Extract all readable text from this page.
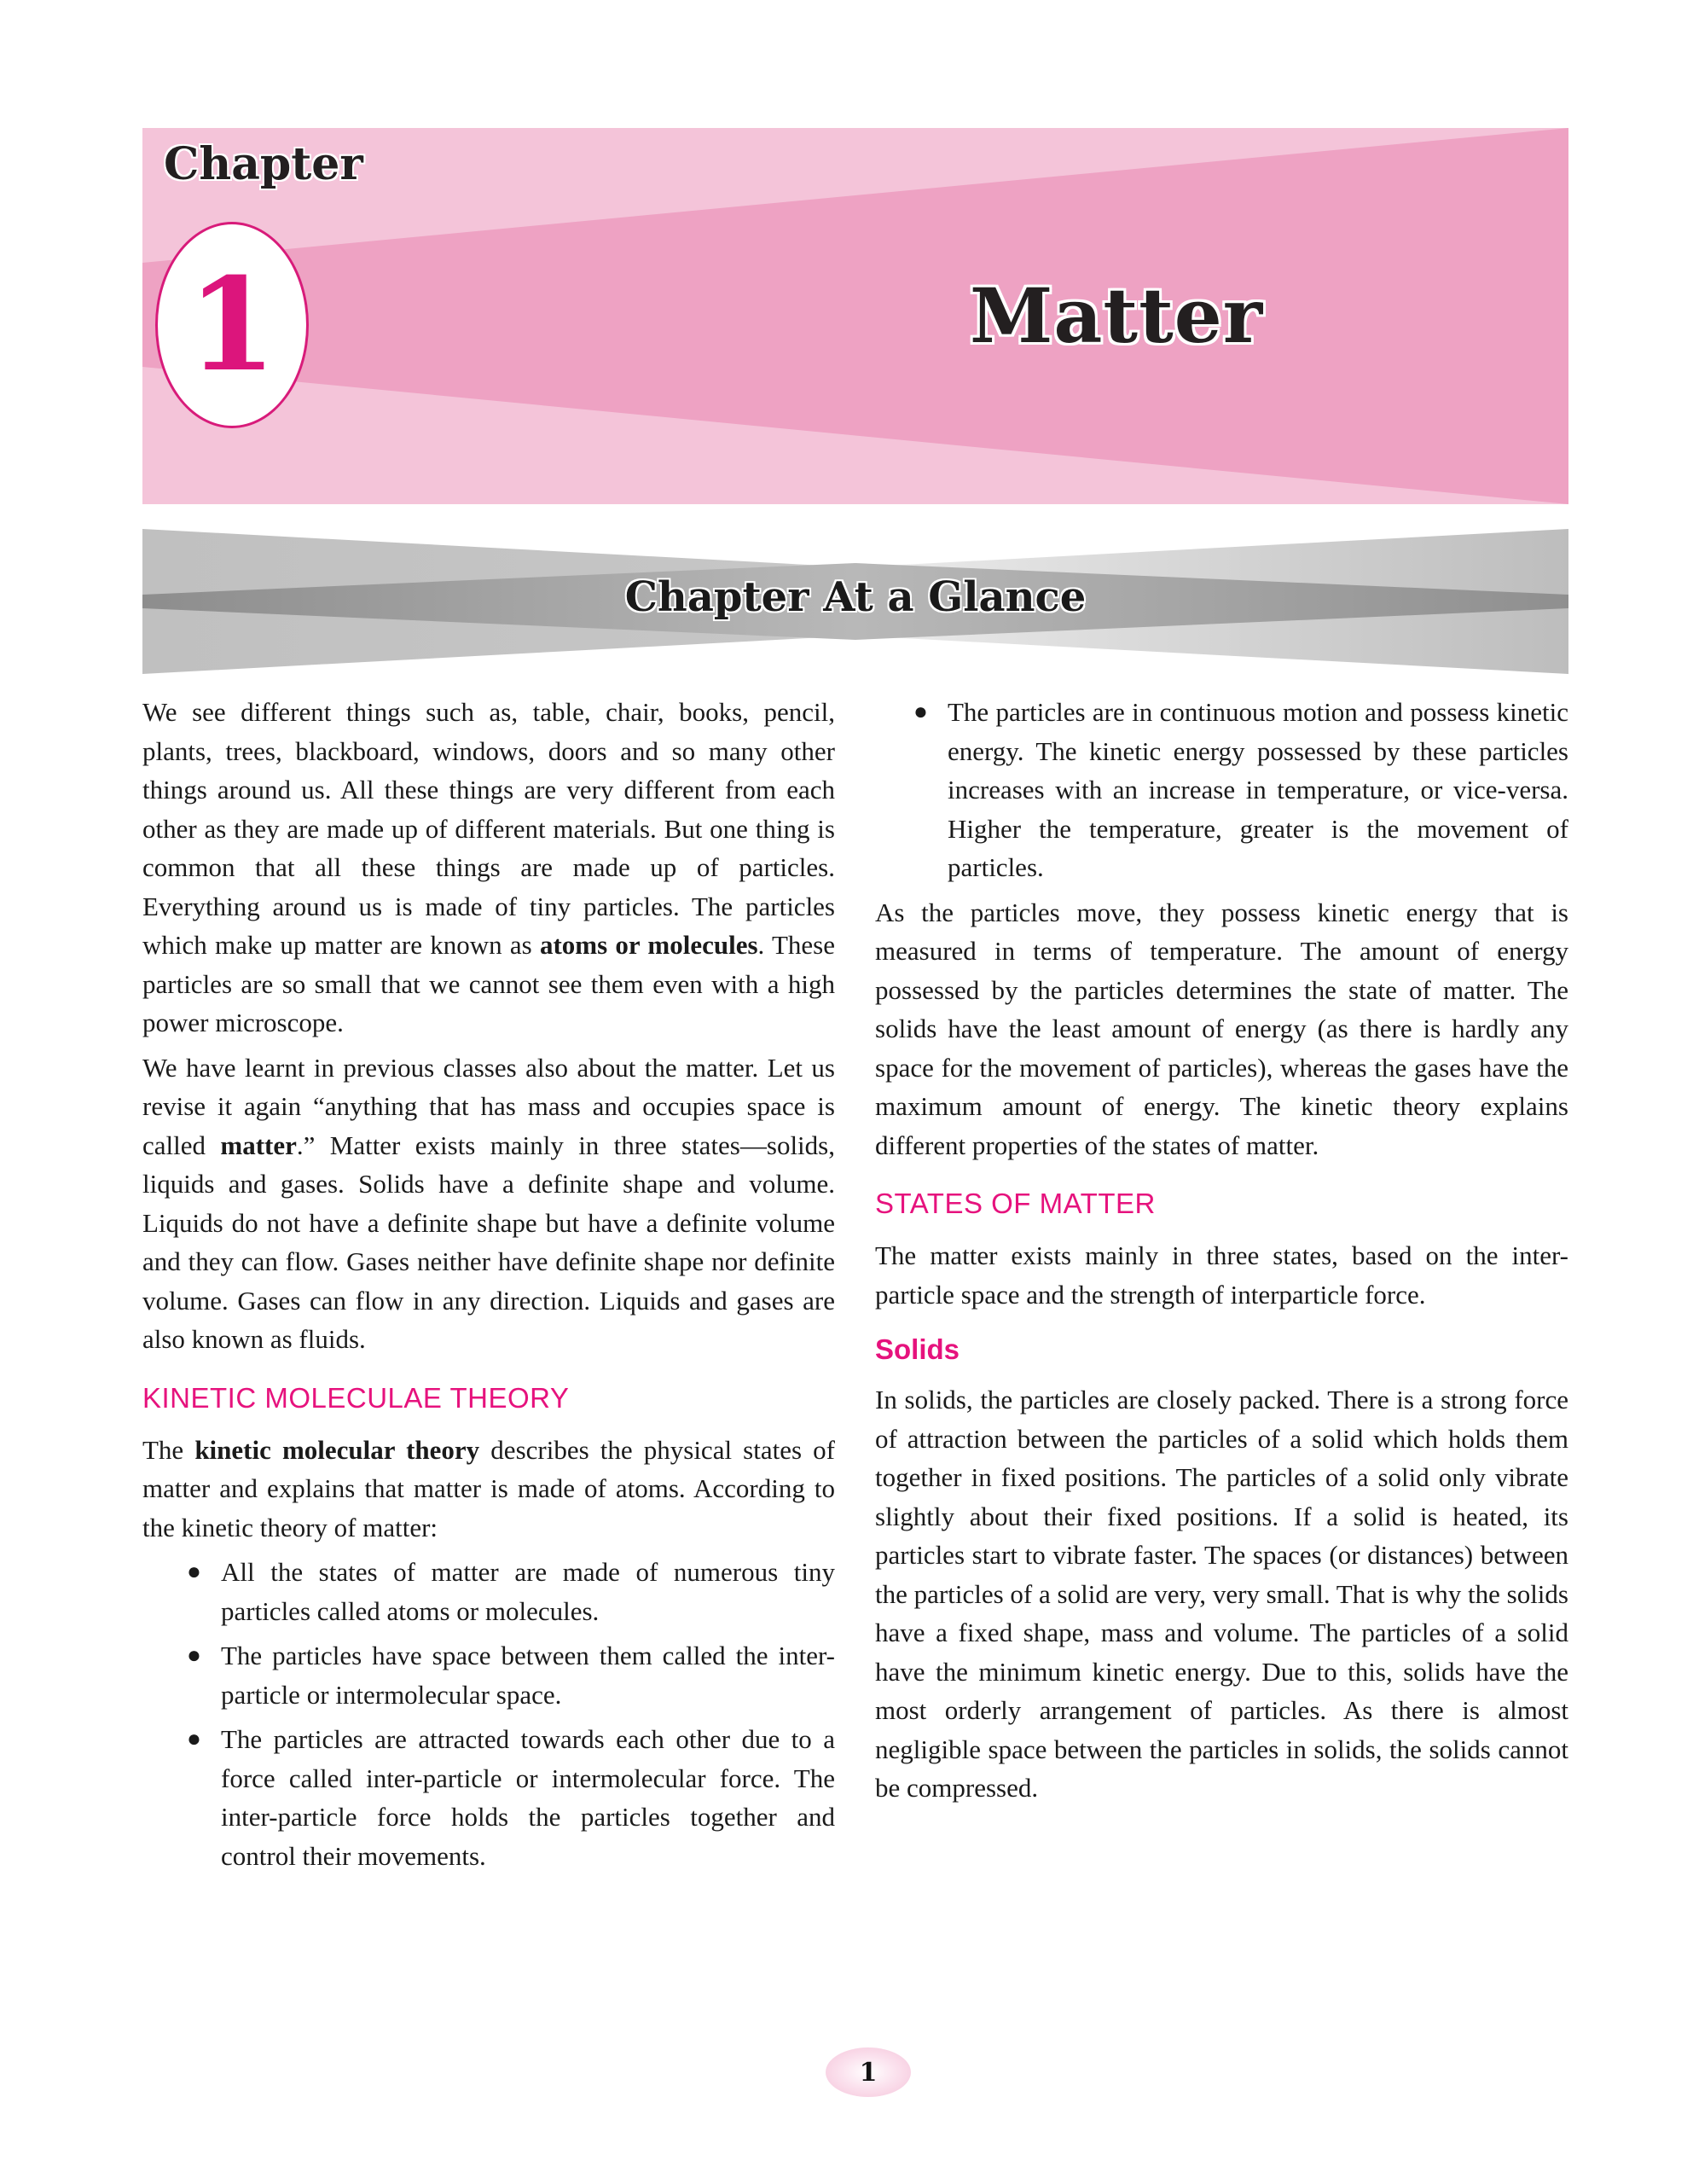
Chapter
1	Matter
Chapter At a Glance

We see different things such as, table, chair, books, pencil, plants, trees, blackboard, windows, doors and so many other things around us. All these things are very different from each other as they are made up of different materials. But one thing is common that all these things are made up of particles. Everything around us is made of tiny particles. The particles which make up matter are known as atoms or molecules. These particles are so small that we cannot see them even with a high power microscope.

We have learnt in previous classes also about the matter. Let us revise it again “anything that has mass and occupies space is called matter.” Matter exists mainly in three states—solids, liquids and gases. Solids have a definite shape and volume. Liquids do not have a definite shape but have a definite volume and they can flow. Gases neither have definite shape nor definite volume. Gases can flow in any direction. Liquids and gases are also known as fluids.

KINETIC MOLECULAE THEORY

The kinetic molecular theory describes the physical states of matter and explains that matter is made of atoms. According to the kinetic theory of matter:

● All the states of matter are made of numerous tiny particles called atoms or molecules.
● The particles have space between them called the inter-particle or intermolecular space.
● The particles are attracted towards each other due to a force called inter-particle or intermolecular force. The inter-particle force holds the particles together and control their movements.
● The particles are in continuous motion and possess kinetic energy. The kinetic energy possessed by these particles increases with an increase in temperature, or vice-versa. Higher the temperature, greater is the movement of particles.

As the particles move, they possess kinetic energy that is measured in terms of temperature. The amount of energy possessed by the particles determines the state of matter. The solids have the least amount of energy (as there is hardly any space for the movement of particles), whereas the gases have the maximum amount of energy. The kinetic theory explains different properties of the states of matter.

STATES OF MATTER

The matter exists mainly in three states, based on the inter-particle space and the strength of interparticle force.

Solids

In solids, the particles are closely packed. There is a strong force of attraction between the particles of a solid which holds them together in fixed positions. The particles of a solid only vibrate slightly about their fixed positions. If a solid is heated, its particles start to vibrate faster. The spaces (or distances) between the particles of a solid are very, very small. That is why the solids have a fixed shape, mass and volume. The particles of a solid have the minimum kinetic energy. Due to this, solids have the most orderly arrangement of particles. As there is almost negligible space between the particles in solids, the solids cannot be compressed.

1
